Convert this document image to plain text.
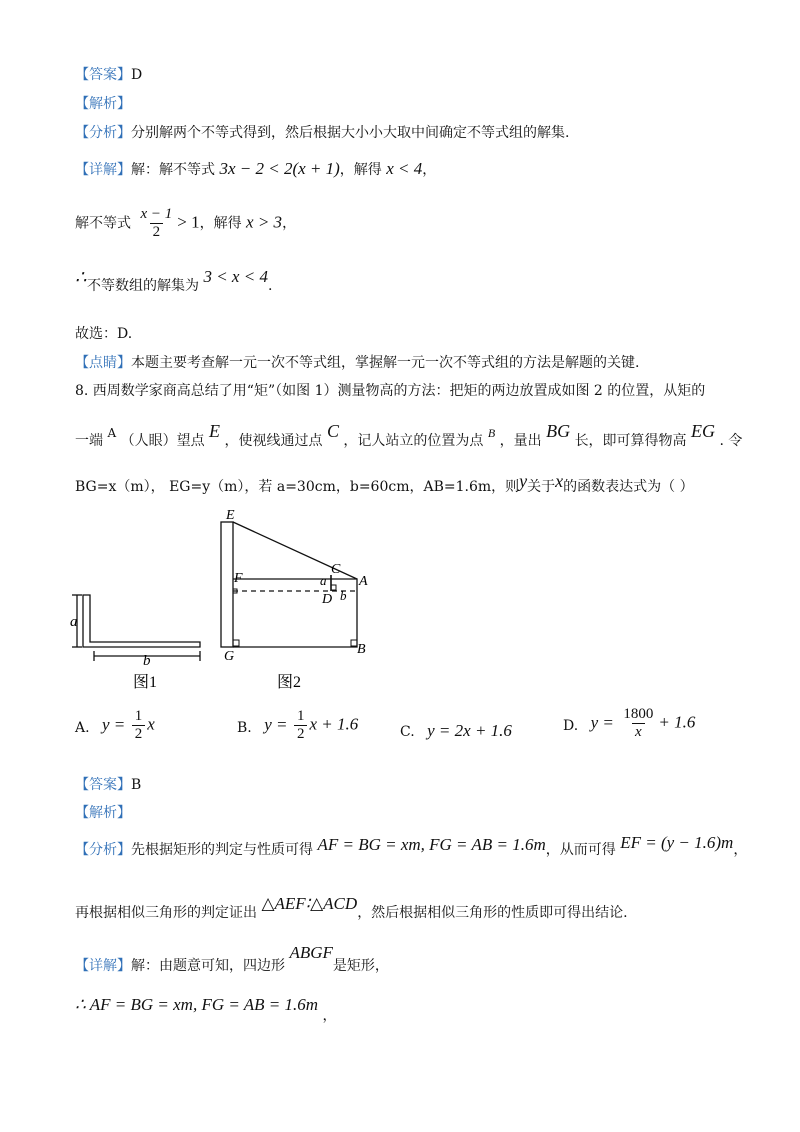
【答案】D
【解析】
【分析】分别解两个不等式得到，然后根据大小小大取中间确定不等式组的解集.
【详解】解：解不等式 3x − 2 < 2(x + 1)，解得 x < 4，
解不等式 $\frac{x - 1}{2} > 1$，解得 x > 3，
∴ 不等数组的解集为 3 < x < 4.
故选：D.
【点睛】本题主要考查解一元一次不等式组，掌握解一元一次不等式组的方法是解题的关键.
8. 西周数学家商高总结了用“矩”（如图 1）测量物高的方法：把矩的两边放置成如图 2 的位置，从矩的
一端 A （人眼）望点 E ，使视线通过点 C ，记人站立的位置为点 B ，量出 BG 长，即可算得物高 EG . 令
BG=x（m）， EG=y（m），若 a=30cm，b=60cm，AB=1.6m，则y关于x的函数表达式为（ ）
a
b
图1
E
C
F	a A
D b
G	B
图2
A. $y = \frac{1}{2}$ x	B. $y = \frac{1}{2}$ x + 1.6	C. y = 2x + 1.6	D. $y = \frac{1800}{x} + 1.6$
【答案】B
【解析】
【分析】先根据矩形的判定与性质可得 AF = BG = xm, FG = AB = 1.6m，从而可得 EF = (y − 1.6)m，
再根据相似三角形的判定证出 △AEF∶△ACD，然后根据相似三角形的性质即可得出结论.
【详解】解：由题意可知，四边形 ABGF是矩形，
∴ AF = BG = xm, FG = AB = 1.6m ，
